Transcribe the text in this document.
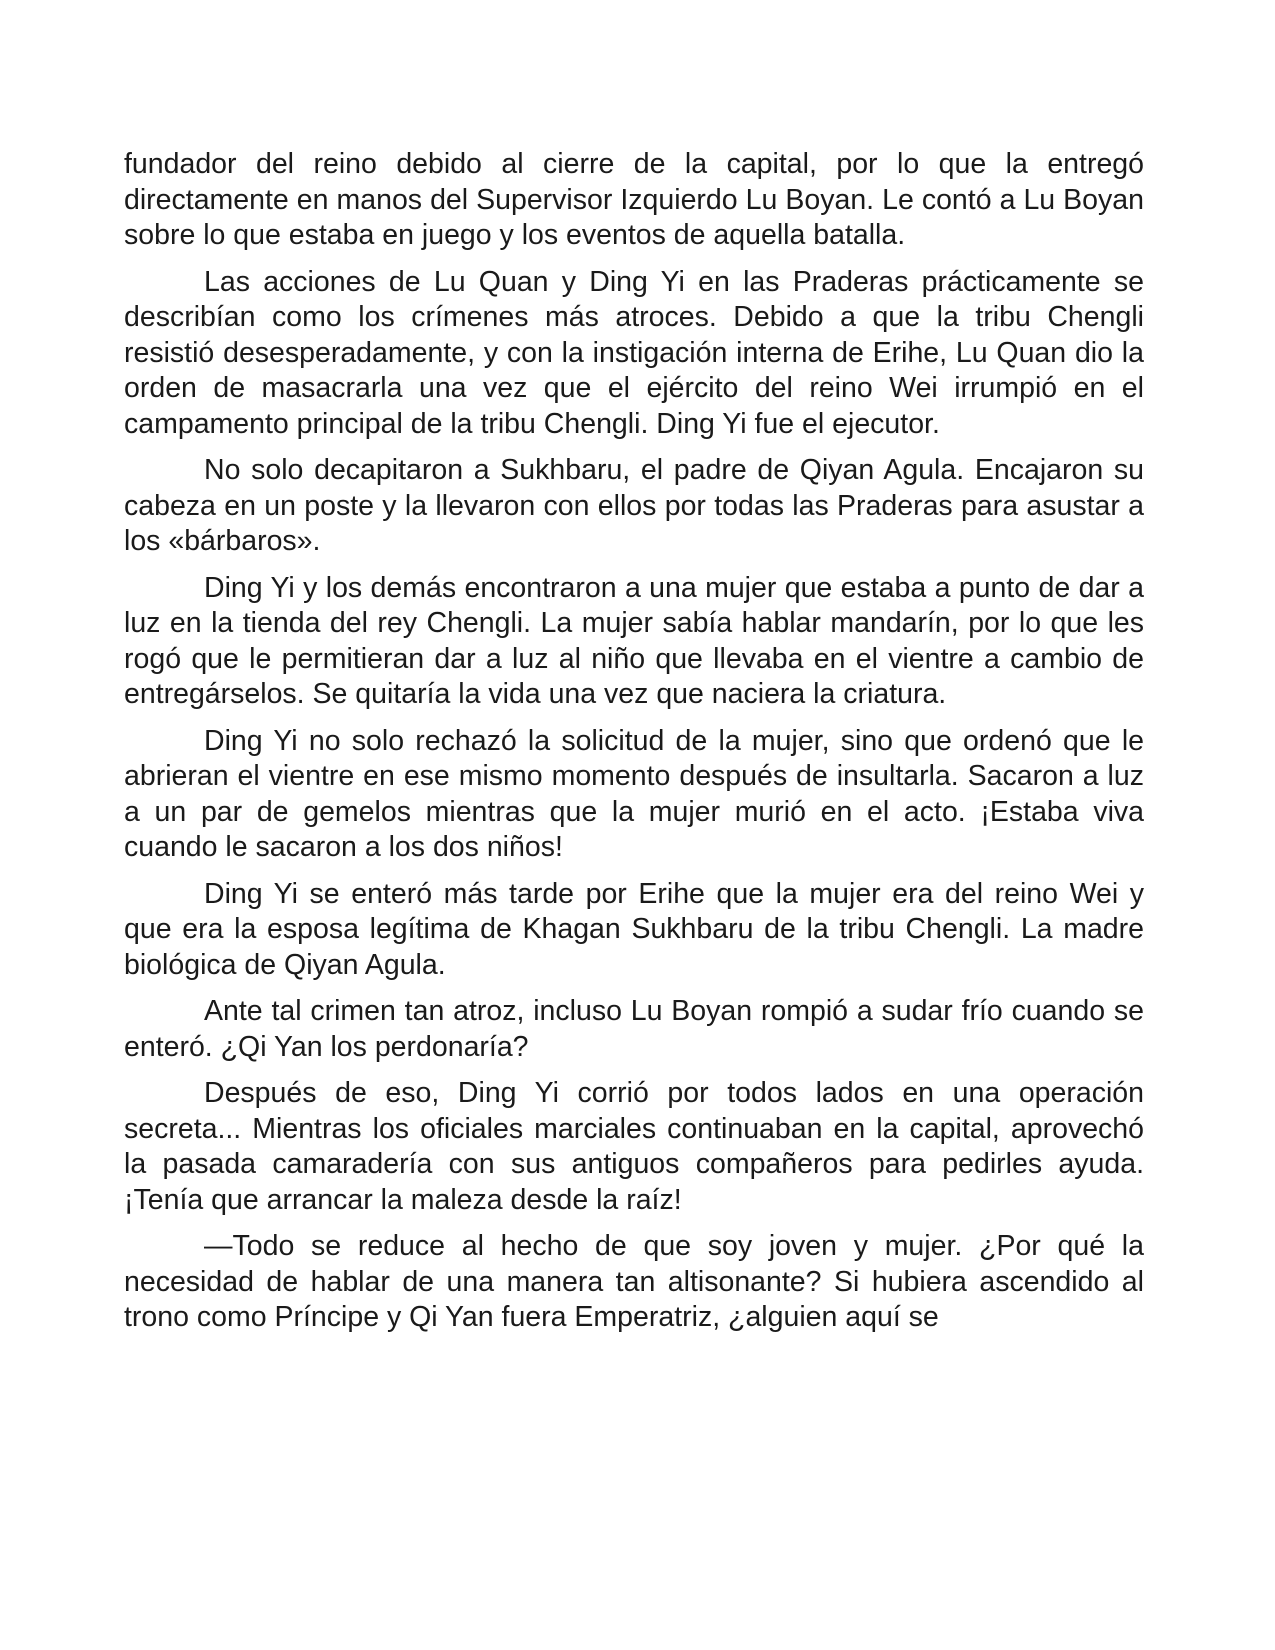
fundador del reino debido al cierre de la capital, por lo que la entregó directamente en manos del Supervisor Izquierdo Lu Boyan. Le contó a Lu Boyan sobre lo que estaba en juego y los eventos de aquella batalla.

Las acciones de Lu Quan y Ding Yi en las Praderas prácticamente se describían como los crímenes más atroces. Debido a que la tribu Chengli resistió desesperadamente, y con la instigación interna de Erihe, Lu Quan dio la orden de masacrarla una vez que el ejército del reino Wei irrumpió en el campamento principal de la tribu Chengli. Ding Yi fue el ejecutor.

No solo decapitaron a Sukhbaru, el padre de Qiyan Agula. Encajaron su cabeza en un poste y la llevaron con ellos por todas las Praderas para asustar a los «bárbaros».

Ding Yi y los demás encontraron a una mujer que estaba a punto de dar a luz en la tienda del rey Chengli. La mujer sabía hablar mandarín, por lo que les rogó que le permitieran dar a luz al niño que llevaba en el vientre a cambio de entregárselos. Se quitaría la vida una vez que naciera la criatura.

Ding Yi no solo rechazó la solicitud de la mujer, sino que ordenó que le abrieran el vientre en ese mismo momento después de insultarla. Sacaron a luz a un par de gemelos mientras que la mujer murió en el acto. ¡Estaba viva cuando le sacaron a los dos niños!

Ding Yi se enteró más tarde por Erihe que la mujer era del reino Wei y que era la esposa legítima de Khagan Sukhbaru de la tribu Chengli. La madre biológica de Qiyan Agula.

Ante tal crimen tan atroz, incluso Lu Boyan rompió a sudar frío cuando se enteró. ¿Qi Yan los perdonaría?

Después de eso, Ding Yi corrió por todos lados en una operación secreta... Mientras los oficiales marciales continuaban en la capital, aprovechó la pasada camaradería con sus antiguos compañeros para pedirles ayuda. ¡Tenía que arrancar la maleza desde la raíz!

—Todo se reduce al hecho de que soy joven y mujer. ¿Por qué la necesidad de hablar de una manera tan altisonante? Si hubiera ascendido al trono como Príncipe y Qi Yan fuera Emperatriz, ¿alguien aquí se
